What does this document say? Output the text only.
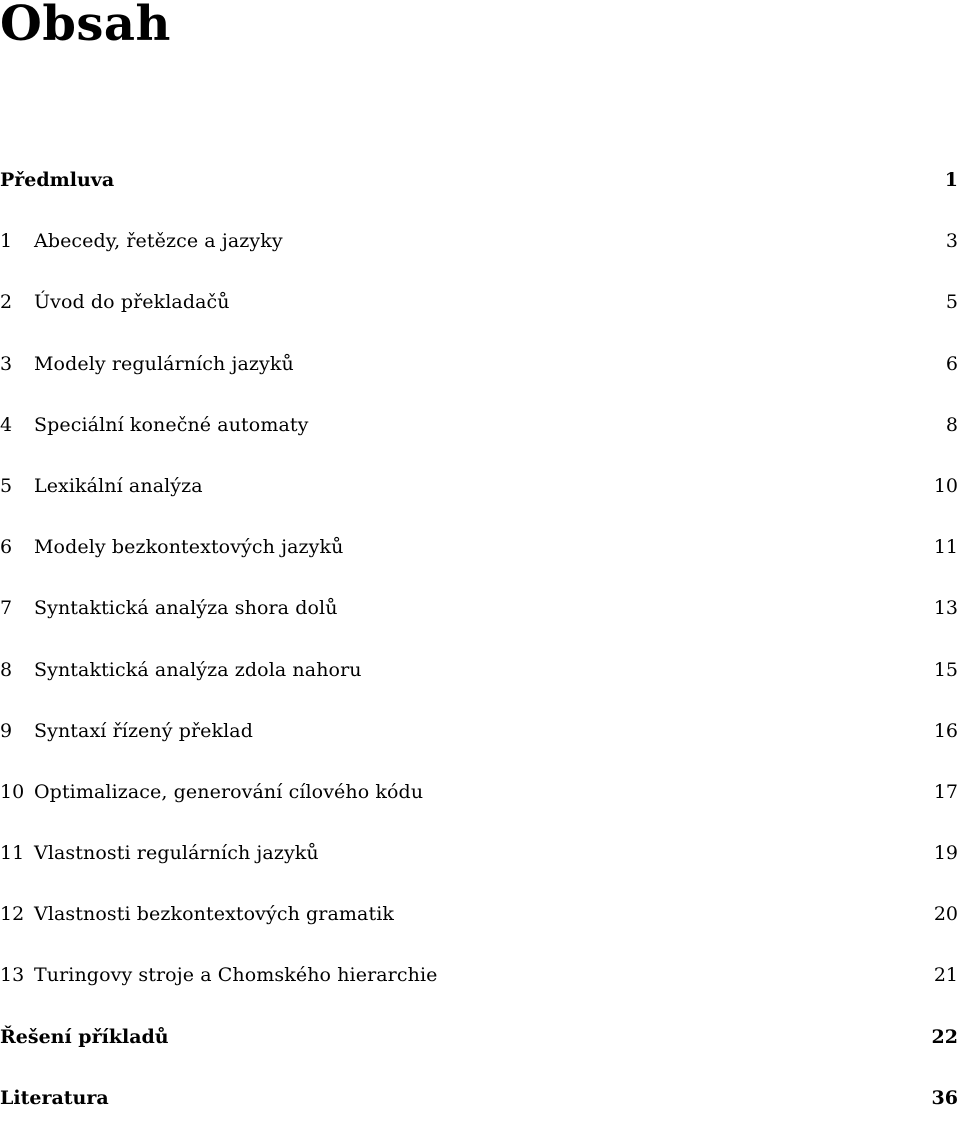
Obsah
Předmluva	1
1	Abecedy, řetězce a jazyky	3
2	Úvod do překladačů	5
3	Modely regulárních jazyků	6
4	Speciální konečné automaty	8
5	Lexikální analýza	10
6	Modely bezkontextových jazyků	11
7	Syntaktická analýza shora dolů	13
8	Syntaktická analýza zdola nahoru	15
9	Syntaxí řízený překlad	16
10 Optimalizace, generování cílového kódu	17
11 Vlastnosti regulárních jazyků	19
12 Vlastnosti bezkontextových gramatik	20
13 Turingovy stroje a Chomského hierarchie	21
Řešení příkladů	22
Literatura	36
